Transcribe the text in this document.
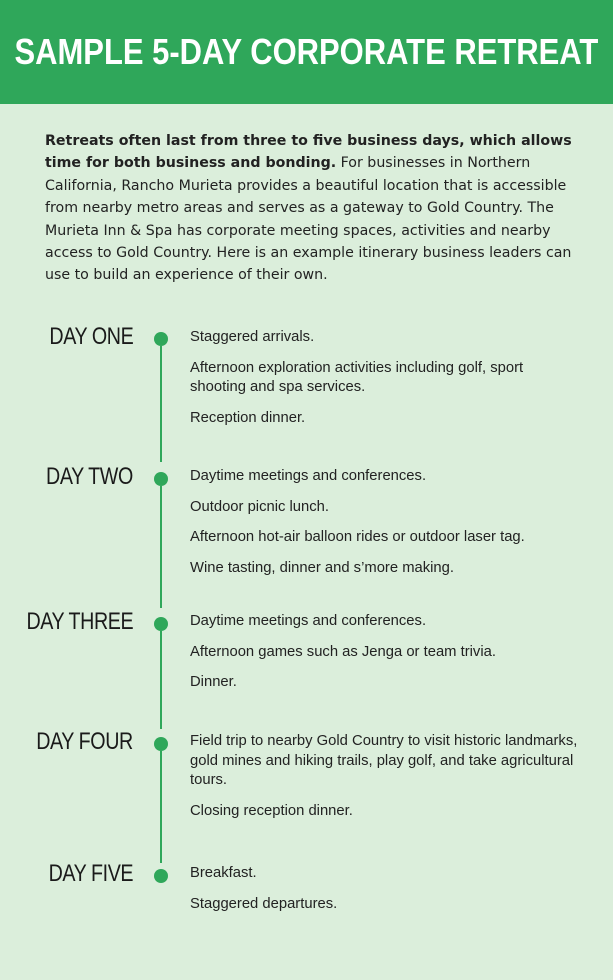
SAMPLE 5-DAY CORPORATE RETREAT
Retreats often last from three to five business days, which allows time for both business and bonding. For businesses in Northern California, Rancho Murieta provides a beautiful location that is accessible from nearby metro areas and serves as a gateway to Gold Country. The Murieta Inn & Spa has corporate meeting spaces, activities and nearby access to Gold Country. Here is an example itinerary business leaders can use to build an experience of their own.
DAY ONE	Staggered arrivals.
Afternoon exploration activities including golf, sport shooting and spa services.
Reception dinner.
DAY TWO	Daytime meetings and conferences.
Outdoor picnic lunch.
Afternoon hot-air balloon rides or outdoor laser tag.
Wine tasting, dinner and s’more making.
DAY THREE	Daytime meetings and conferences.
Afternoon games such as Jenga or team trivia.
Dinner.
DAY FOUR	Field trip to nearby Gold Country to visit historic landmarks, gold mines and hiking trails, play golf, and take agricultural tours.
Closing reception dinner.
DAY FIVE	Breakfast.
Staggered departures.
